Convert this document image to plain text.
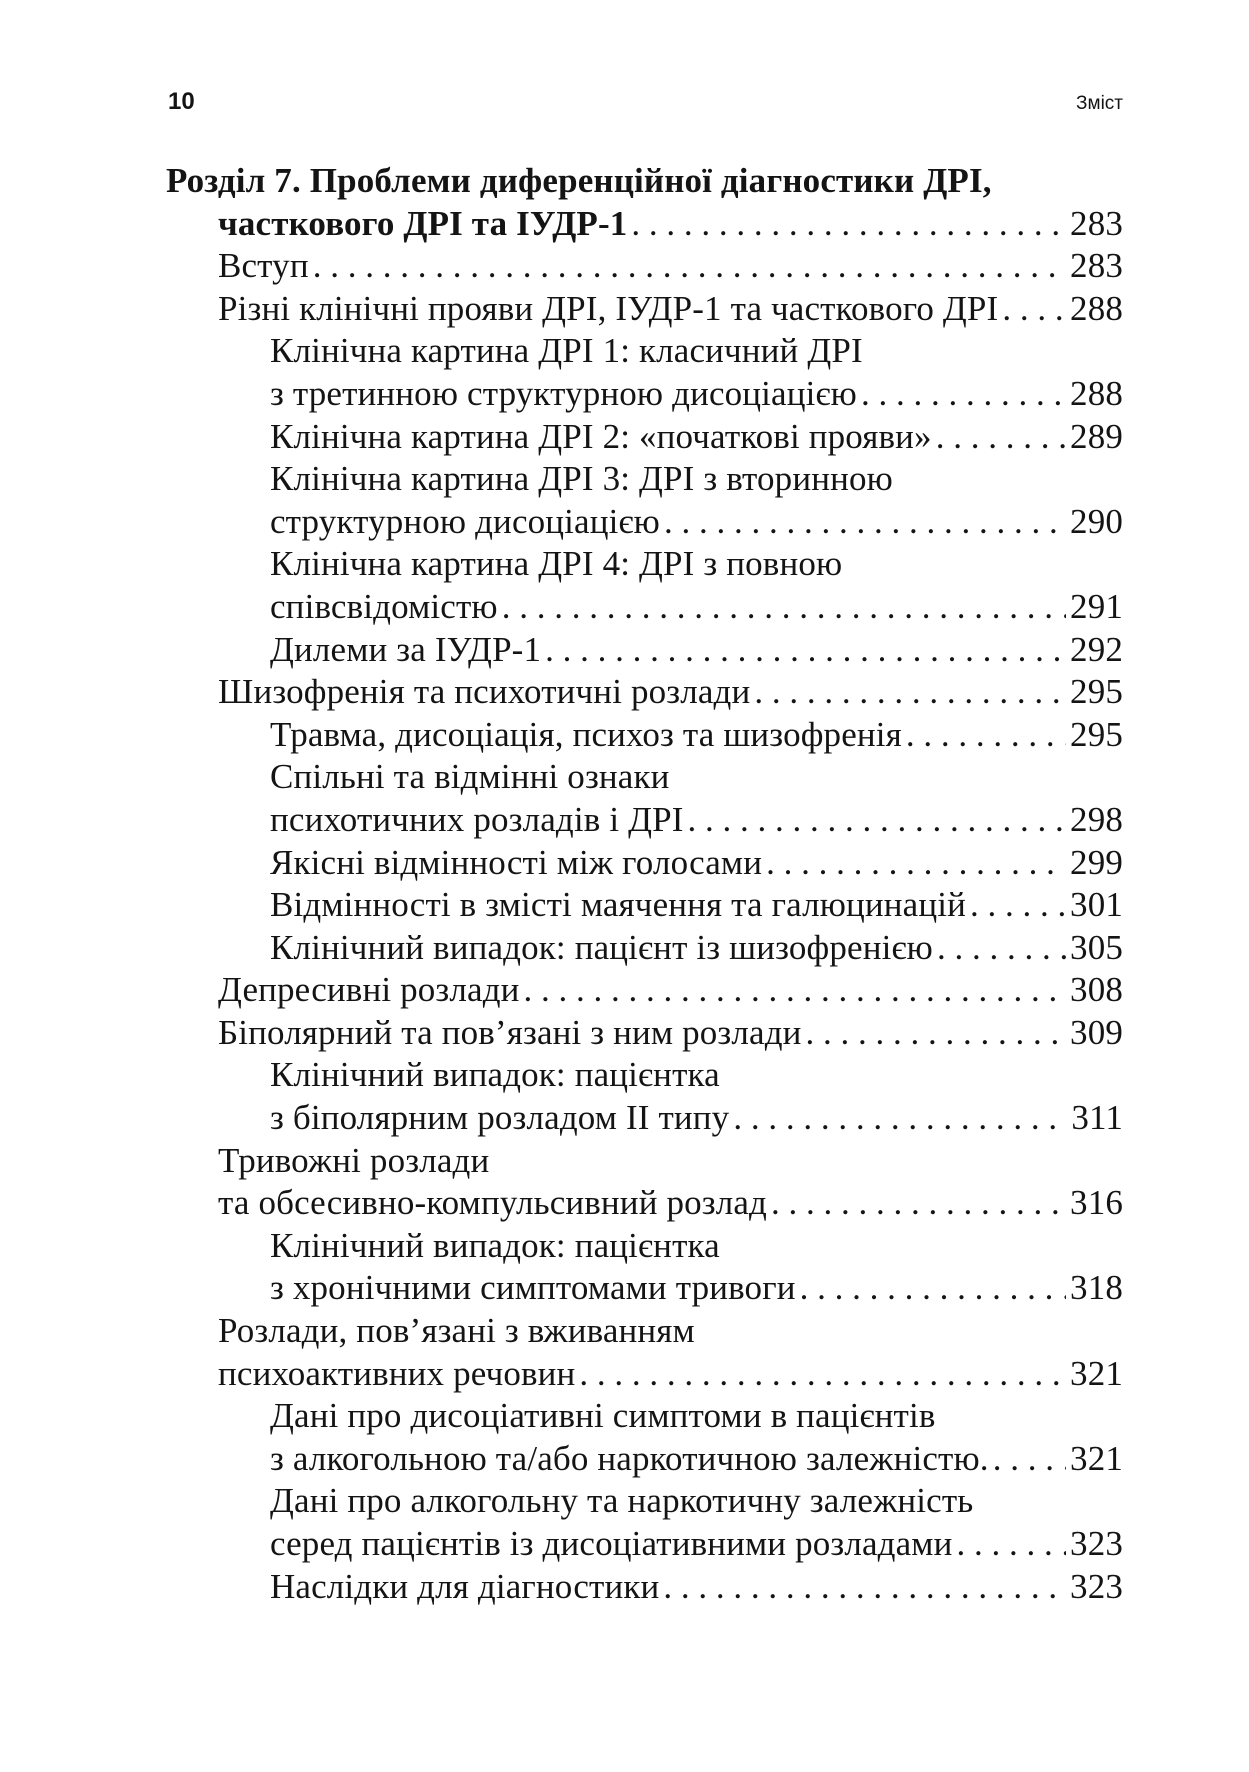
10	Зміст
Розділ 7. Проблеми диференційної діагностики ДРІ,
часткового ДРІ та ІУДР-1 . . .	283
Вступ . . .	283
Різні клінічні прояви ДРІ, ІУДР-1 та часткового ДРІ . . . 288
Клінічна картина ДРІ 1: класичний ДРІ
з третинною структурною дисоціацією . . .	288
Клінічна картина ДРІ 2: «початкові прояви» . . .	289
Клінічна картина ДРІ 3: ДРІ з вторинною
структурною дисоціацією . . .	290
Клінічна картина ДРІ 4: ДРІ з повною
співсвідомістю . . .	291
Дилеми за ІУДР-1 . . .	292
Шизофренія та психотичні розлади . . .	295
Травма, дисоціація, психоз та шизофренія . . .	295
Спільні та відмінні ознаки
психотичних розладів і ДРІ . . .	298
Якісні відмінності між голосами . . .	299
Відмінності в змісті маячення та галюцинацій . . .	301
Клінічний випадок: пацієнт із шизофренією . . .	305
Депресивні розлади . . .	308
Біполярний та пов’язані з ним розлади . . .	309
Клінічний випадок: пацієнтка
з біполярним розладом ІІ типу . . .	311
Тривожні розлади
та обсесивно-компульсивний розлад . . .	316
Клінічний випадок: пацієнтка
з хронічними симптомами тривоги . . .	318
Розлади, пов’язані з вживанням
психоактивних речовин . . .	321
Дані про дисоціативні симптоми в пацієнтів
з алкогольною та/або наркотичною залежністю. . . . 321
Дані про алкогольну та наркотичну залежність
серед пацієнтів із дисоціативними розладами . . .	323
Наслідки для діагностики . . .	323
